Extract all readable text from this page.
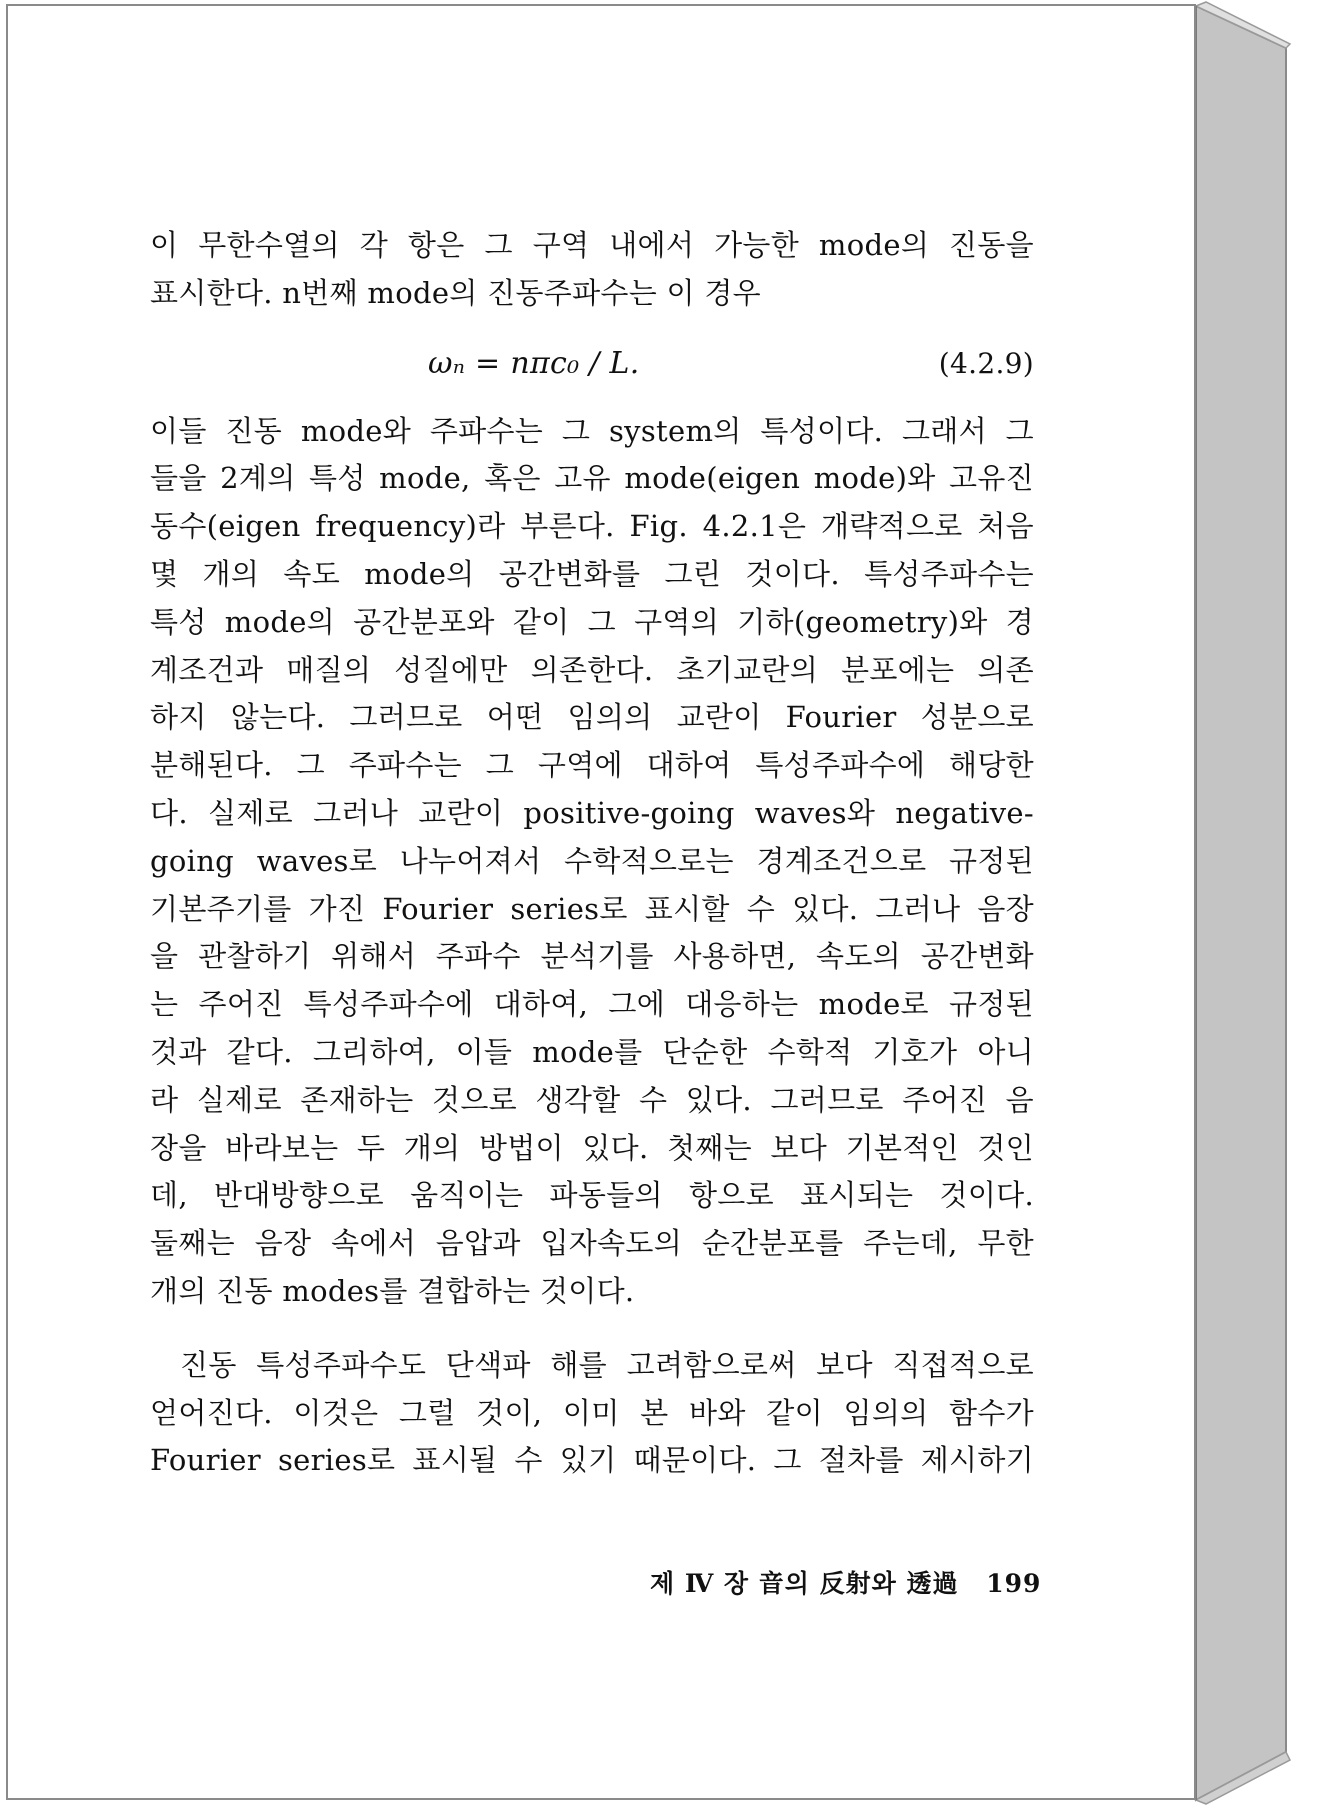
이 무한수열의 각 항은 그 구역 내에서 가능한 mode의 진동을
표시한다. n번째 mode의 진동주파수는 이 경우

ωₙ = nπc₀ / L.	(4.2.9)

이들 진동 mode와 주파수는 그 system의 특성이다. 그래서 그
들을 2계의 특성 mode, 혹은 고유 mode(eigen mode)와 고유진
동수(eigen frequency)라 부른다. Fig. 4.2.1은 개략적으로 처음
몇 개의 속도 mode의 공간변화를 그린 것이다. 특성주파수는
특성 mode의 공간분포와 같이 그 구역의 기하(geometry)와 경
계조건과 매질의 성질에만 의존한다. 초기교란의 분포에는 의존
하지 않는다. 그러므로 어떤 임의의 교란이 Fourier 성분으로
분해된다. 그 주파수는 그 구역에 대하여 특성주파수에 해당한
다. 실제로 그러나 교란이 positive-going waves와 negative-
going waves로 나누어져서 수학적으로는 경계조건으로 규정된
기본주기를 가진 Fourier series로 표시할 수 있다. 그러나 음장
을 관찰하기 위해서 주파수 분석기를 사용하면, 속도의 공간변화
는 주어진 특성주파수에 대하여, 그에 대응하는 mode로 규정된
것과 같다. 그리하여, 이들 mode를 단순한 수학적 기호가 아니
라 실제로 존재하는 것으로 생각할 수 있다. 그러므로 주어진 음
장을 바라보는 두 개의 방법이 있다. 첫째는 보다 기본적인 것인
데, 반대방향으로 움직이는 파동들의 항으로 표시되는 것이다.
둘째는 음장 속에서 음압과 입자속도의 순간분포를 주는데, 무한
개의 진동 modes를 결합하는 것이다.

진동 특성주파수도 단색파 해를 고려함으로써 보다 직접적으로
얻어진다. 이것은 그럴 것이, 이미 본 바와 같이 임의의 함수가
Fourier series로 표시될 수 있기 때문이다. 그 절차를 제시하기

제 Ⅳ 장 音의 反射와 透過 199
